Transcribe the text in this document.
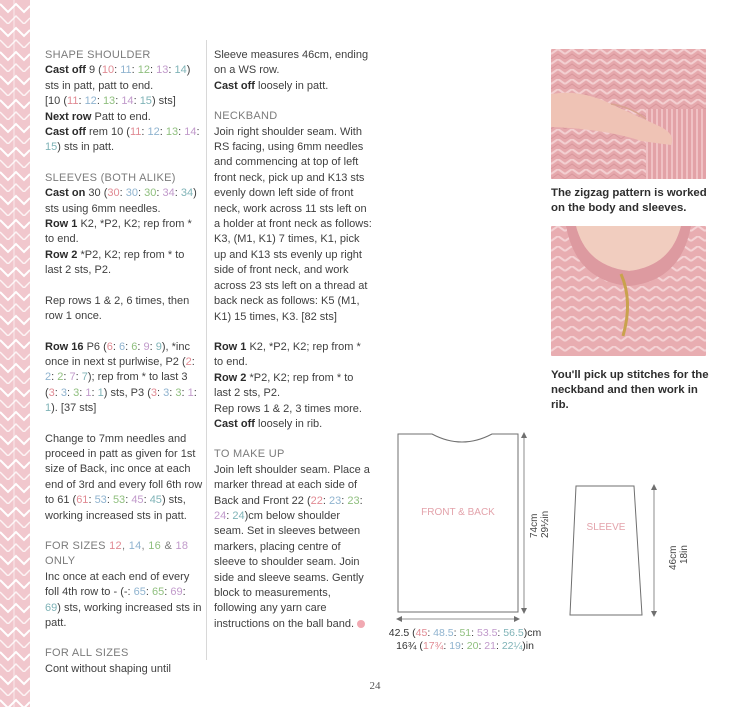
SHAPE SHOULDER

Cast off 9 (10: 11: 12: 13: 14) sts in patt, patt to end.

[10 (11: 12: 13: 14: 15) sts]

Next row Patt to end.

Cast off rem 10 (11: 12: 13: 14: 15) sts in patt.

SLEEVES (BOTH ALIKE)

Cast on 30 (30: 30: 30: 34: 34) sts using 6mm needles.

Row 1 K2, *P2, K2; rep from * to end.

Row 2 *P2, K2; rep from * to last 2 sts, P2.

Rep rows 1 & 2, 6 times, then row 1 once.

Row 16 P6 (6: 6: 6: 9: 9), *inc once in next st purlwise, P2 (2: 2: 2: 7: 7); rep from * to last 3 (3: 3: 3: 1: 1) sts, P3 (3: 3: 3: 1: 1). [37 sts]

Change to 7mm needles and proceed in patt as given for 1st size of Back, inc once at each end of 3rd and every foll 6th row to 61 (61: 53: 53: 45: 45) sts, working increased sts in patt.

FOR SIZES 12, 14, 16 & 18
ONLY

Inc once at each end of every foll 4th row to - (-: 65: 65: 69: 69) sts, working increased sts in patt.

FOR ALL SIZES

Cont without shaping until

Sleeve measures 46cm, ending on a WS row.

Cast off loosely in patt.

NECKBAND

Join right shoulder seam. With RS facing, using 6mm needles and commencing at top of left front neck, pick up and K13 sts evenly down left side of front neck, work across 11 sts left on a holder at front neck as follows: K3, (M1, K1) 7 times, K1, pick up and K13 sts evenly up right side of front neck, and work across 23 sts left on a thread at back neck as follows: K5 (M1, K1) 15 times, K3. [82 sts]

Row 1 K2, *P2, K2; rep from * to end.

Row 2 *P2, K2; rep from * to last 2 sts, P2.

Rep rows 1 & 2, 3 times more.

Cast off loosely in rib.

TO MAKE UP

Join left shoulder seam. Place a marker thread at each side of Back and Front 22 (22: 23: 23: 24: 24)cm below shoulder seam. Set in sleeves between markers, placing centre of sleeve to shoulder seam. Join side and sleeve seams. Gently block to measurements, following any yarn care instructions on the ball band.

The zigzag pattern is worked on the body and sleeves.
You'll pick up stitches for the neckband and then work in rib.
FRONT & BACK
74cm 29½in	SLEEVE
46cm 18in
42.5 (45: 48.5: 51: 53.5: 56.5)cm
16¾ (17¾: 19: 20: 21: 22¼)in
24
